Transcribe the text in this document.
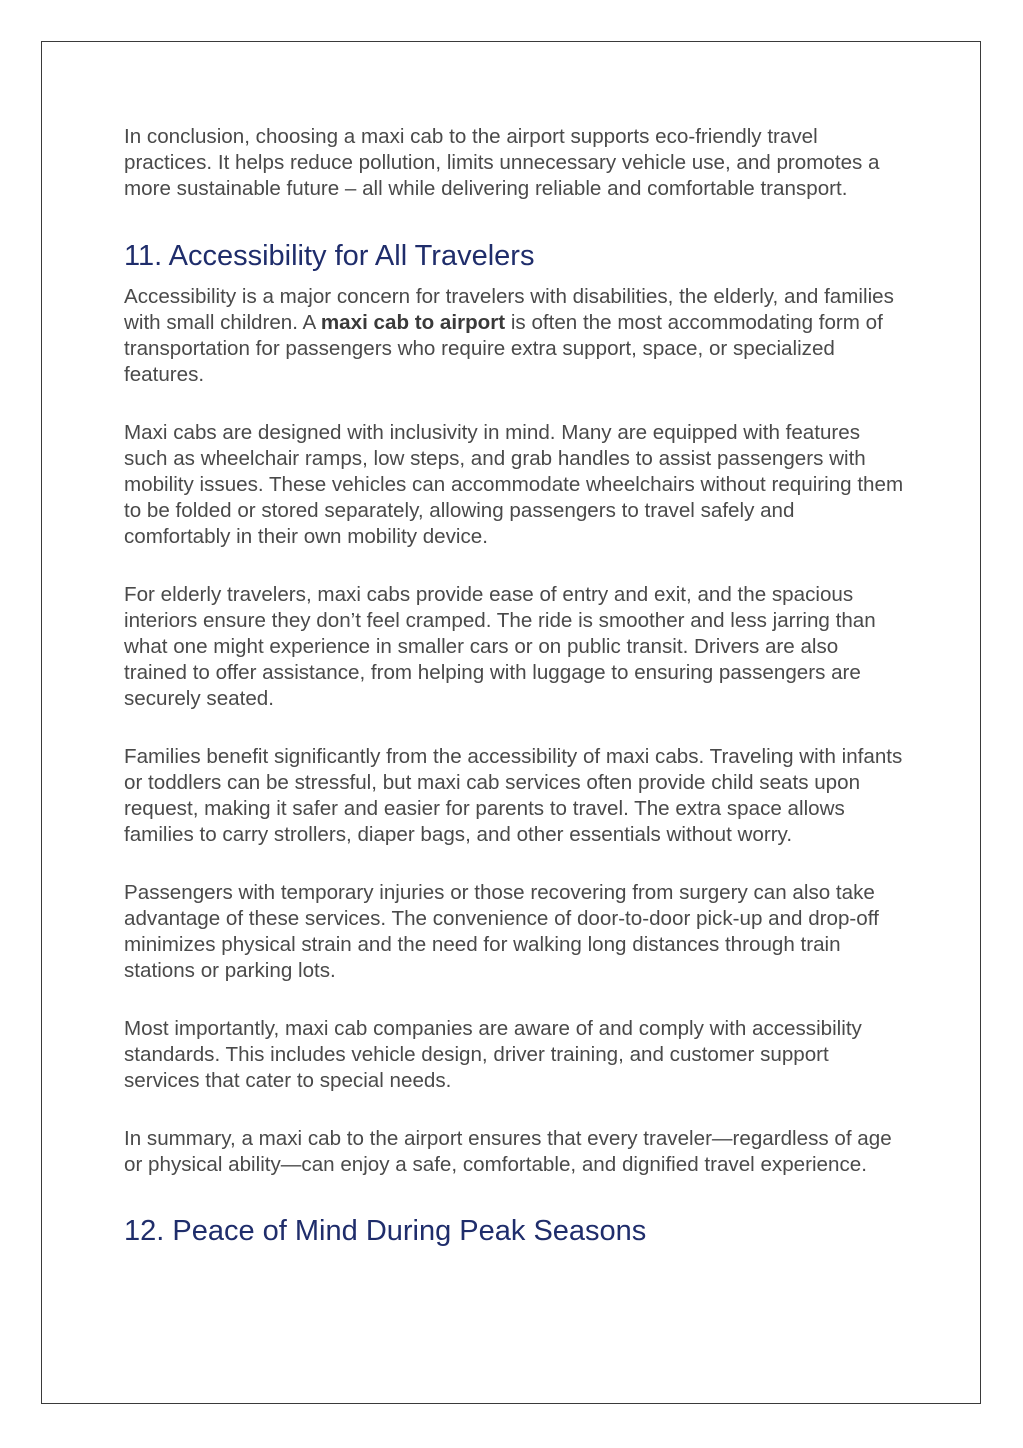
In conclusion, choosing a maxi cab to the airport supports eco-friendly travel practices. It helps reduce pollution, limits unnecessary vehicle use, and promotes a more sustainable future – all while delivering reliable and comfortable transport.

11. Accessibility for All Travelers

Accessibility is a major concern for travelers with disabilities, the elderly, and families with small children. A maxi cab to airport is often the most accommodating form of transportation for passengers who require extra support, space, or specialized features.

Maxi cabs are designed with inclusivity in mind. Many are equipped with features such as wheelchair ramps, low steps, and grab handles to assist passengers with mobility issues. These vehicles can accommodate wheelchairs without requiring them to be folded or stored separately, allowing passengers to travel safely and comfortably in their own mobility device.

For elderly travelers, maxi cabs provide ease of entry and exit, and the spacious interiors ensure they don’t feel cramped. The ride is smoother and less jarring than what one might experience in smaller cars or on public transit. Drivers are also trained to offer assistance, from helping with luggage to ensuring passengers are securely seated.

Families benefit significantly from the accessibility of maxi cabs. Traveling with infants or toddlers can be stressful, but maxi cab services often provide child seats upon request, making it safer and easier for parents to travel. The extra space allows families to carry strollers, diaper bags, and other essentials without worry.

Passengers with temporary injuries or those recovering from surgery can also take advantage of these services. The convenience of door-to-door pick-up and drop-off minimizes physical strain and the need for walking long distances through train stations or parking lots.

Most importantly, maxi cab companies are aware of and comply with accessibility standards. This includes vehicle design, driver training, and customer support services that cater to special needs.

In summary, a maxi cab to the airport ensures that every traveler—regardless of age or physical ability—can enjoy a safe, comfortable, and dignified travel experience.

12. Peace of Mind During Peak Seasons
